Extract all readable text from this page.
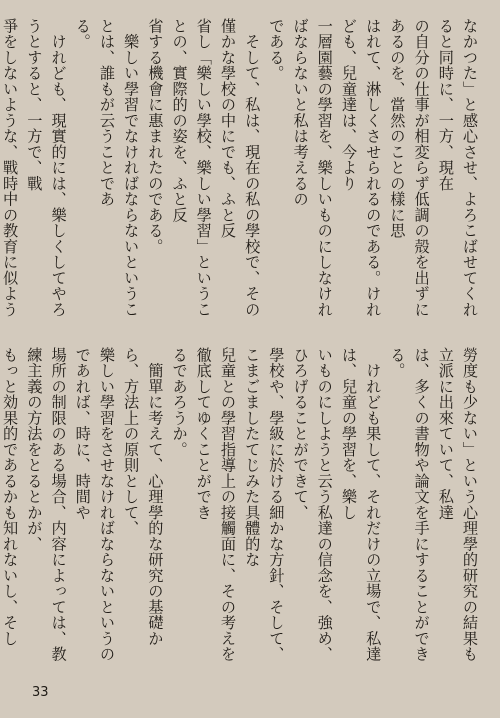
なかつた」と感心させ、よろこばせてくれると同時に、一方、現在

の自分の仕事が相変らず低調の殻を出ずにあるのを、當然のことの樣に思

はれて、淋しくさせられるのである。けれども、兒童達は、今より

一層園藝の學習を、樂しいものにしなければならないと私は考えるの

である。

　そして、私は、現在の私の學校で、その僅かな學校の中にでも、ふと反

省し「樂しい學校、樂しい學習」ということの、實際的の姿を、ふと反

省する機會に惠まれたのである。

　樂しい學習でなければならないということは、誰もが云うことであ

る。

　けれども、現實的には、樂しくしてやろうとすると、一方で、戰

爭をしないような、戰時中の教育に似よう

勞度も少ない」という心理學的研究の結果も立派に出來ていて、私達

は、多くの書物や論文を手にすることができる。

　けれども果して、それだけの立場で、私達は、兒童の學習を、樂し

いものにしようと云う私達の信念を、強め、ひろげることができて、

學校や、學級に於ける細かな方針、そして、こまごましたてじみた具體的な

兒童との學習指導上の接觸面に、その考えを徹底してゆくことができ

るであろうか。

　簡單に考えて、心理學的な研究の基礎から、方法上の原則として、

樂しい學習をさせなければならないというのであれば、時に、時間や

場所の制限のある場合、内容によっては、教練主義の方法をとるとかが、

もっと効果的であるかも知れないし、そし

33
